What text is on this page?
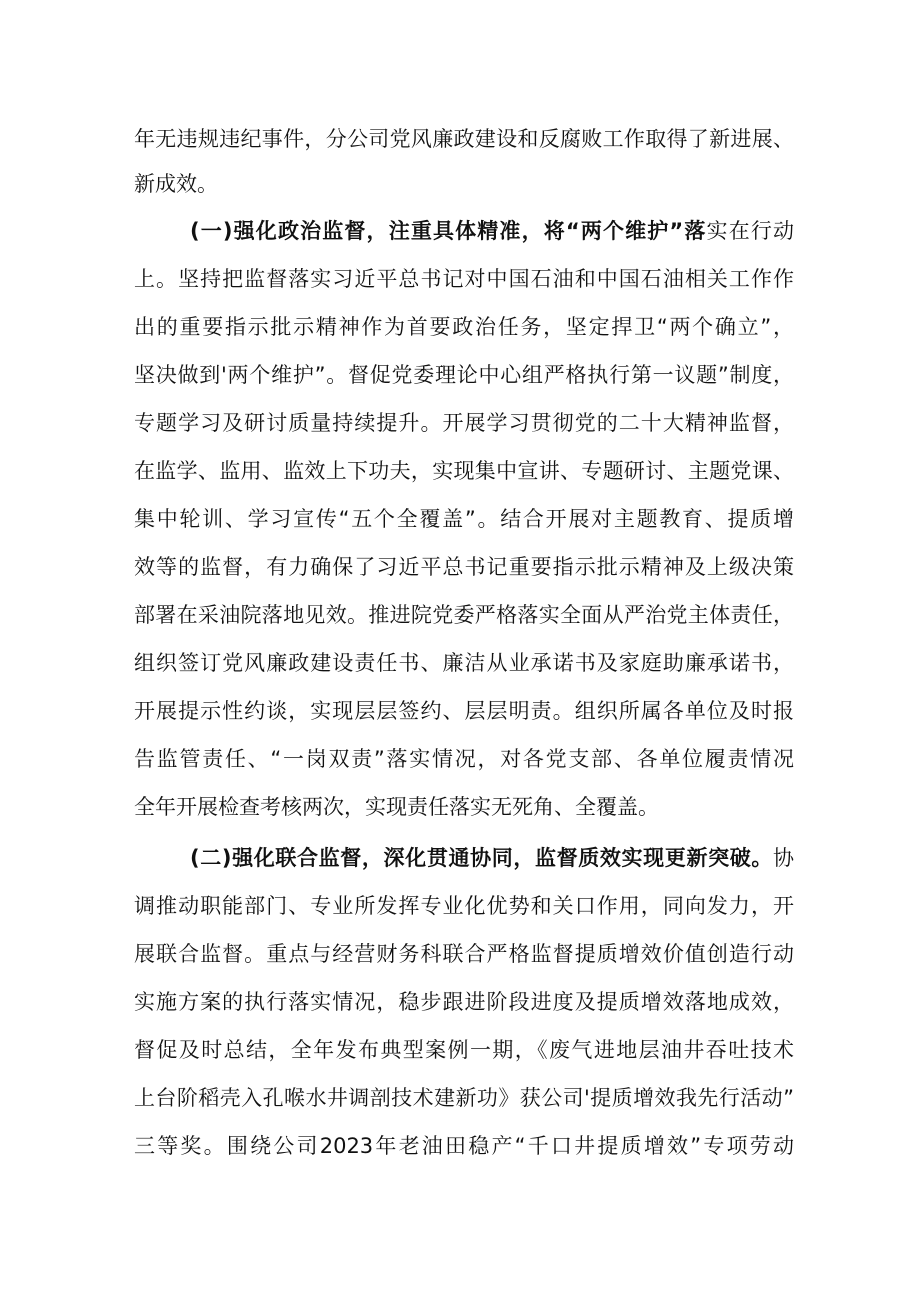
年无违规违纪事件，分公司党风廉政建设和反腐败工作取得了新进展、
新成效。
(一)强化政治监督，注重具体精准，将“两个维护”落实在行动
上。坚持把监督落实习近平总书记对中国石油和中国石油相关工作作
出的重要指示批示精神作为首要政治任务，坚定捍卫“两个确立”，
坚决做到'两个维护”。督促党委理论中心组严格执行第一议题”制度，
专题学习及研讨质量持续提升。开展学习贯彻党的二十大精神监督，
在监学、监用、监效上下功夫，实现集中宣讲、专题研讨、主题党课、
集中轮训、学习宣传“五个全覆盖”。结合开展对主题教育、提质增
效等的监督，有力确保了习近平总书记重要指示批示精神及上级决策
部署在采油院落地见效。推进院党委严格落实全面从严治党主体责任，
组织签订党风廉政建设责任书、廉洁从业承诺书及家庭助廉承诺书，
开展提示性约谈，实现层层签约、层层明责。组织所属各单位及时报
告监管责任、“一岗双责”落实情况，对各党支部、各单位履责情况
全年开展检查考核两次，实现责任落实无死角、全覆盖。
(二)强化联合监督，深化贯通协同，监督质效实现更新突破。协
调推动职能部门、专业所发挥专业化优势和关口作用，同向发力，开
展联合监督。重点与经营财务科联合严格监督提质增效价值创造行动
实施方案的执行落实情况，稳步跟进阶段进度及提质增效落地成效，
督促及时总结，全年发布典型案例一期，《废气进地层油井吞吐技术
上台阶稻壳入孔喉水井调剖技术建新功》获公司'提质增效我先行活动”
三等奖。围绕公司2023年老油田稳产“千口井提质增效”专项劳动
